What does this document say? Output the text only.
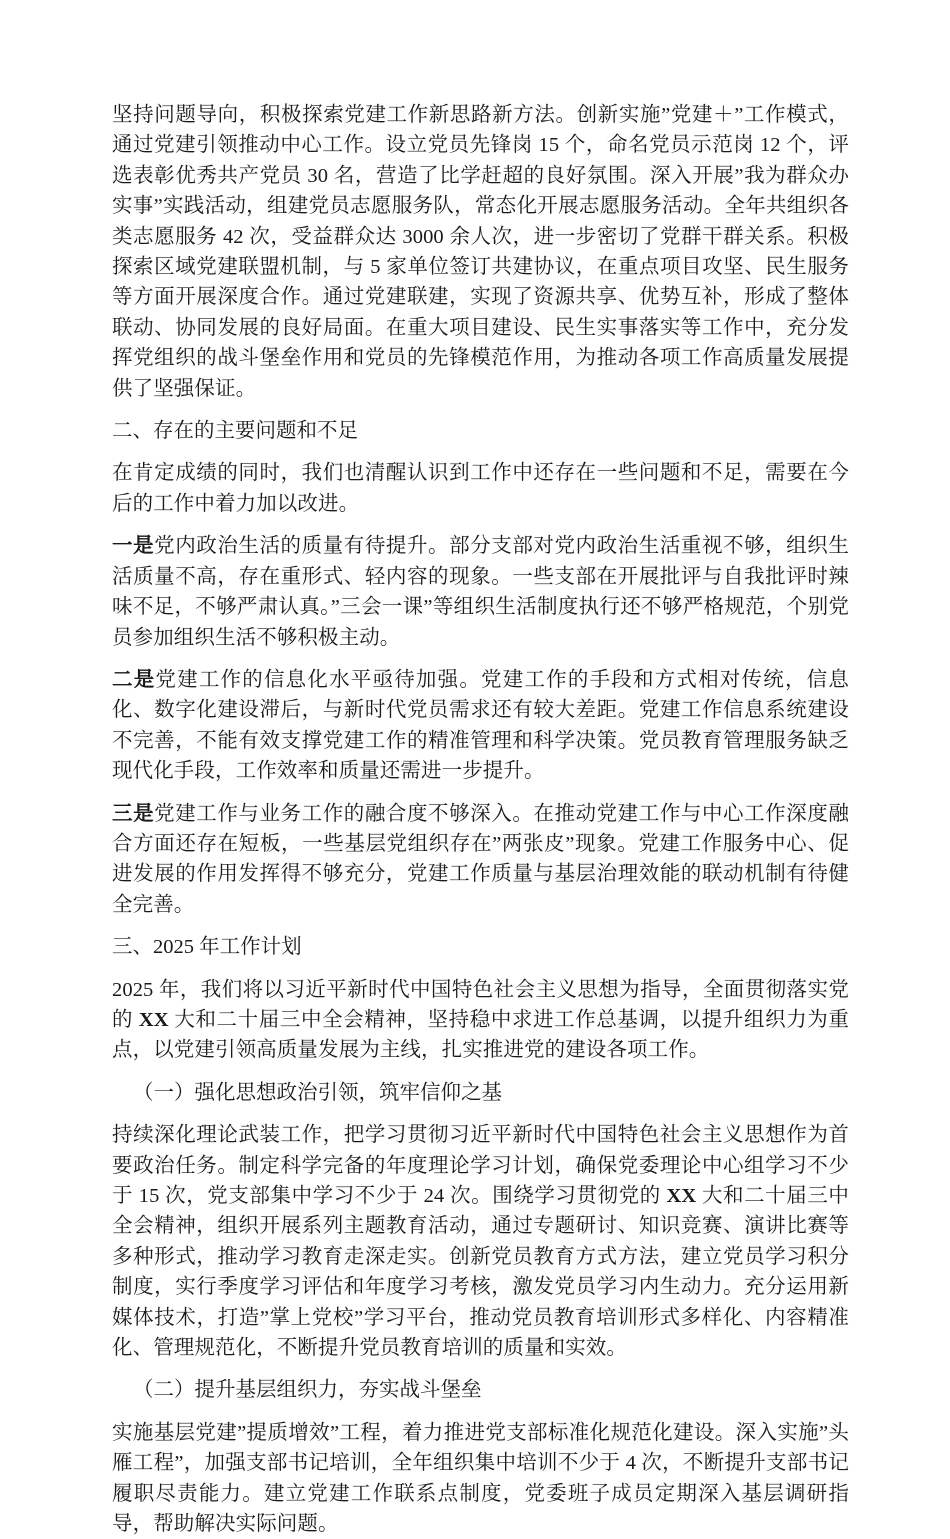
坚持问题导向，积极探索党建工作新思路新方法。创新实施”党建＋”工作模式，通过党建引领推动中心工作。设立党员先锋岗 15 个，命名党员示范岗 12 个，评选表彰优秀共产党员 30 名，营造了比学赶超的良好氛围。深入开展”我为群众办实事”实践活动，组建党员志愿服务队，常态化开展志愿服务活动。全年共组织各类志愿服务 42 次，受益群众达 3000 余人次，进一步密切了党群干群关系。积极探索区域党建联盟机制，与 5 家单位签订共建协议，在重点项目攻坚、民生服务等方面开展深度合作。通过党建联建，实现了资源共享、优势互补，形成了整体联动、协同发展的良好局面。在重大项目建设、民生实事落实等工作中，充分发挥党组织的战斗堡垒作用和党员的先锋模范作用，为推动各项工作高质量发展提供了坚强保证。

二、存在的主要问题和不足

在肯定成绩的同时，我们也清醒认识到工作中还存在一些问题和不足，需要在今后的工作中着力加以改进。

一是党内政治生活的质量有待提升。部分支部对党内政治生活重视不够，组织生活质量不高，存在重形式、轻内容的现象。一些支部在开展批评与自我批评时辣味不足，不够严肃认真。”三会一课”等组织生活制度执行还不够严格规范，个别党员参加组织生活不够积极主动。

二是党建工作的信息化水平亟待加强。党建工作的手段和方式相对传统，信息化、数字化建设滞后，与新时代党员需求还有较大差距。党建工作信息系统建设不完善，不能有效支撑党建工作的精准管理和科学决策。党员教育管理服务缺乏现代化手段，工作效率和质量还需进一步提升。

三是党建工作与业务工作的融合度不够深入。在推动党建工作与中心工作深度融合方面还存在短板，一些基层党组织存在”两张皮”现象。党建工作服务中心、促进发展的作用发挥得不够充分，党建工作质量与基层治理效能的联动机制有待健全完善。

三、2025 年工作计划

2025 年，我们将以习近平新时代中国特色社会主义思想为指导，全面贯彻落实党的 XX 大和二十届三中全会精神，坚持稳中求进工作总基调，以提升组织力为重点，以党建引领高质量发展为主线，扎实推进党的建设各项工作。

（一）强化思想政治引领，筑牢信仰之基

持续深化理论武装工作，把学习贯彻习近平新时代中国特色社会主义思想作为首要政治任务。制定科学完备的年度理论学习计划，确保党委理论中心组学习不少于 15 次，党支部集中学习不少于 24 次。围绕学习贯彻党的 XX 大和二十届三中全会精神，组织开展系列主题教育活动，通过专题研讨、知识竞赛、演讲比赛等多种形式，推动学习教育走深走实。创新党员教育方式方法，建立党员学习积分制度，实行季度学习评估和年度学习考核，激发党员学习内生动力。充分运用新媒体技术，打造”掌上党校”学习平台，推动党员教育培训形式多样化、内容精准化、管理规范化，不断提升党员教育培训的质量和实效。

（二）提升基层组织力，夯实战斗堡垒

实施基层党建”提质增效”工程，着力推进党支部标准化规范化建设。深入实施”头雁工程”，加强支部书记培训，全年组织集中培训不少于 4 次，不断提升支部书记履职尽责能力。建立党建工作联系点制度，党委班子成员定期深入基层调研指导，帮助解决实际问题。
